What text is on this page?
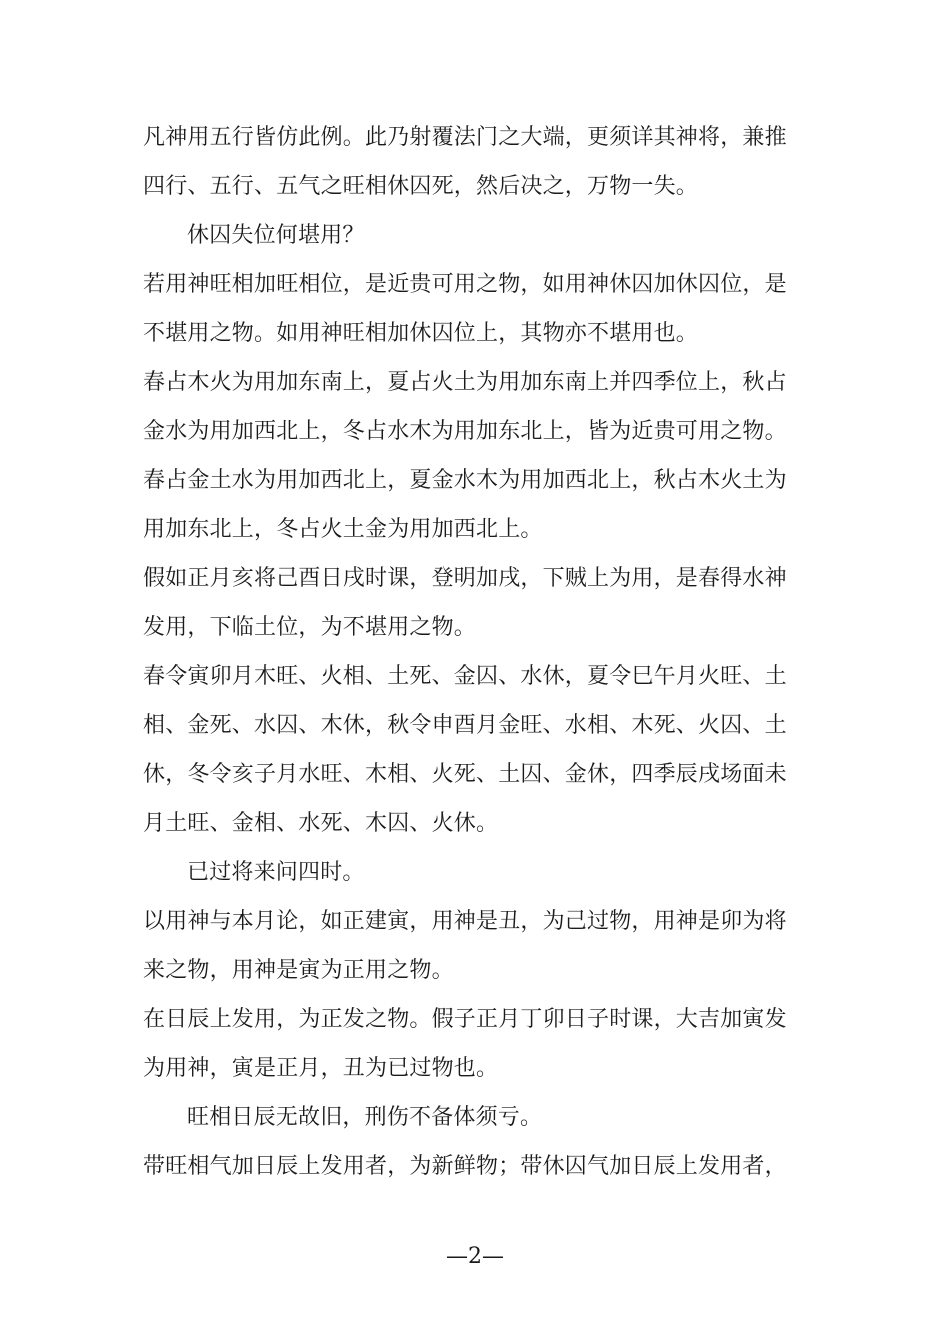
凡神用五行皆仿此例。此乃射覆法门之大端，更须详其神将，兼推
四行、五行、五气之旺相休囚死，然后决之，万物一失。
休囚失位何堪用？
若用神旺相加旺相位，是近贵可用之物，如用神休囚加休囚位，是
不堪用之物。如用神旺相加休囚位上，其物亦不堪用也。
春占木火为用加东南上，夏占火土为用加东南上并四季位上，秋占
金水为用加西北上，冬占水木为用加东北上，皆为近贵可用之物。
春占金土水为用加西北上，夏金水木为用加西北上，秋占木火土为
用加东北上，冬占火土金为用加西北上。
假如正月亥将己酉日戌时课，登明加戌，下贼上为用，是春得水神
发用，下临土位，为不堪用之物。
春令寅卯月木旺、火相、土死、金囚、水休，夏令巳午月火旺、土
相、金死、水囚、木休，秋令申酉月金旺、水相、木死、火囚、土
休，冬令亥子月水旺、木相、火死、土囚、金休，四季辰戌场面未
月土旺、金相、水死、木囚、火休。
已过将来问四时。
以用神与本月论，如正建寅，用神是丑，为己过物，用神是卯为将
来之物，用神是寅为正用之物。
在日辰上发用，为正发之物。假子正月丁卯日子时课，大吉加寅发
为用神，寅是正月，丑为已过物也。
旺相日辰无故旧，刑伤不备体须亏。
带旺相气加日辰上发用者，为新鲜物；带休囚气加日辰上发用者，
—2—
